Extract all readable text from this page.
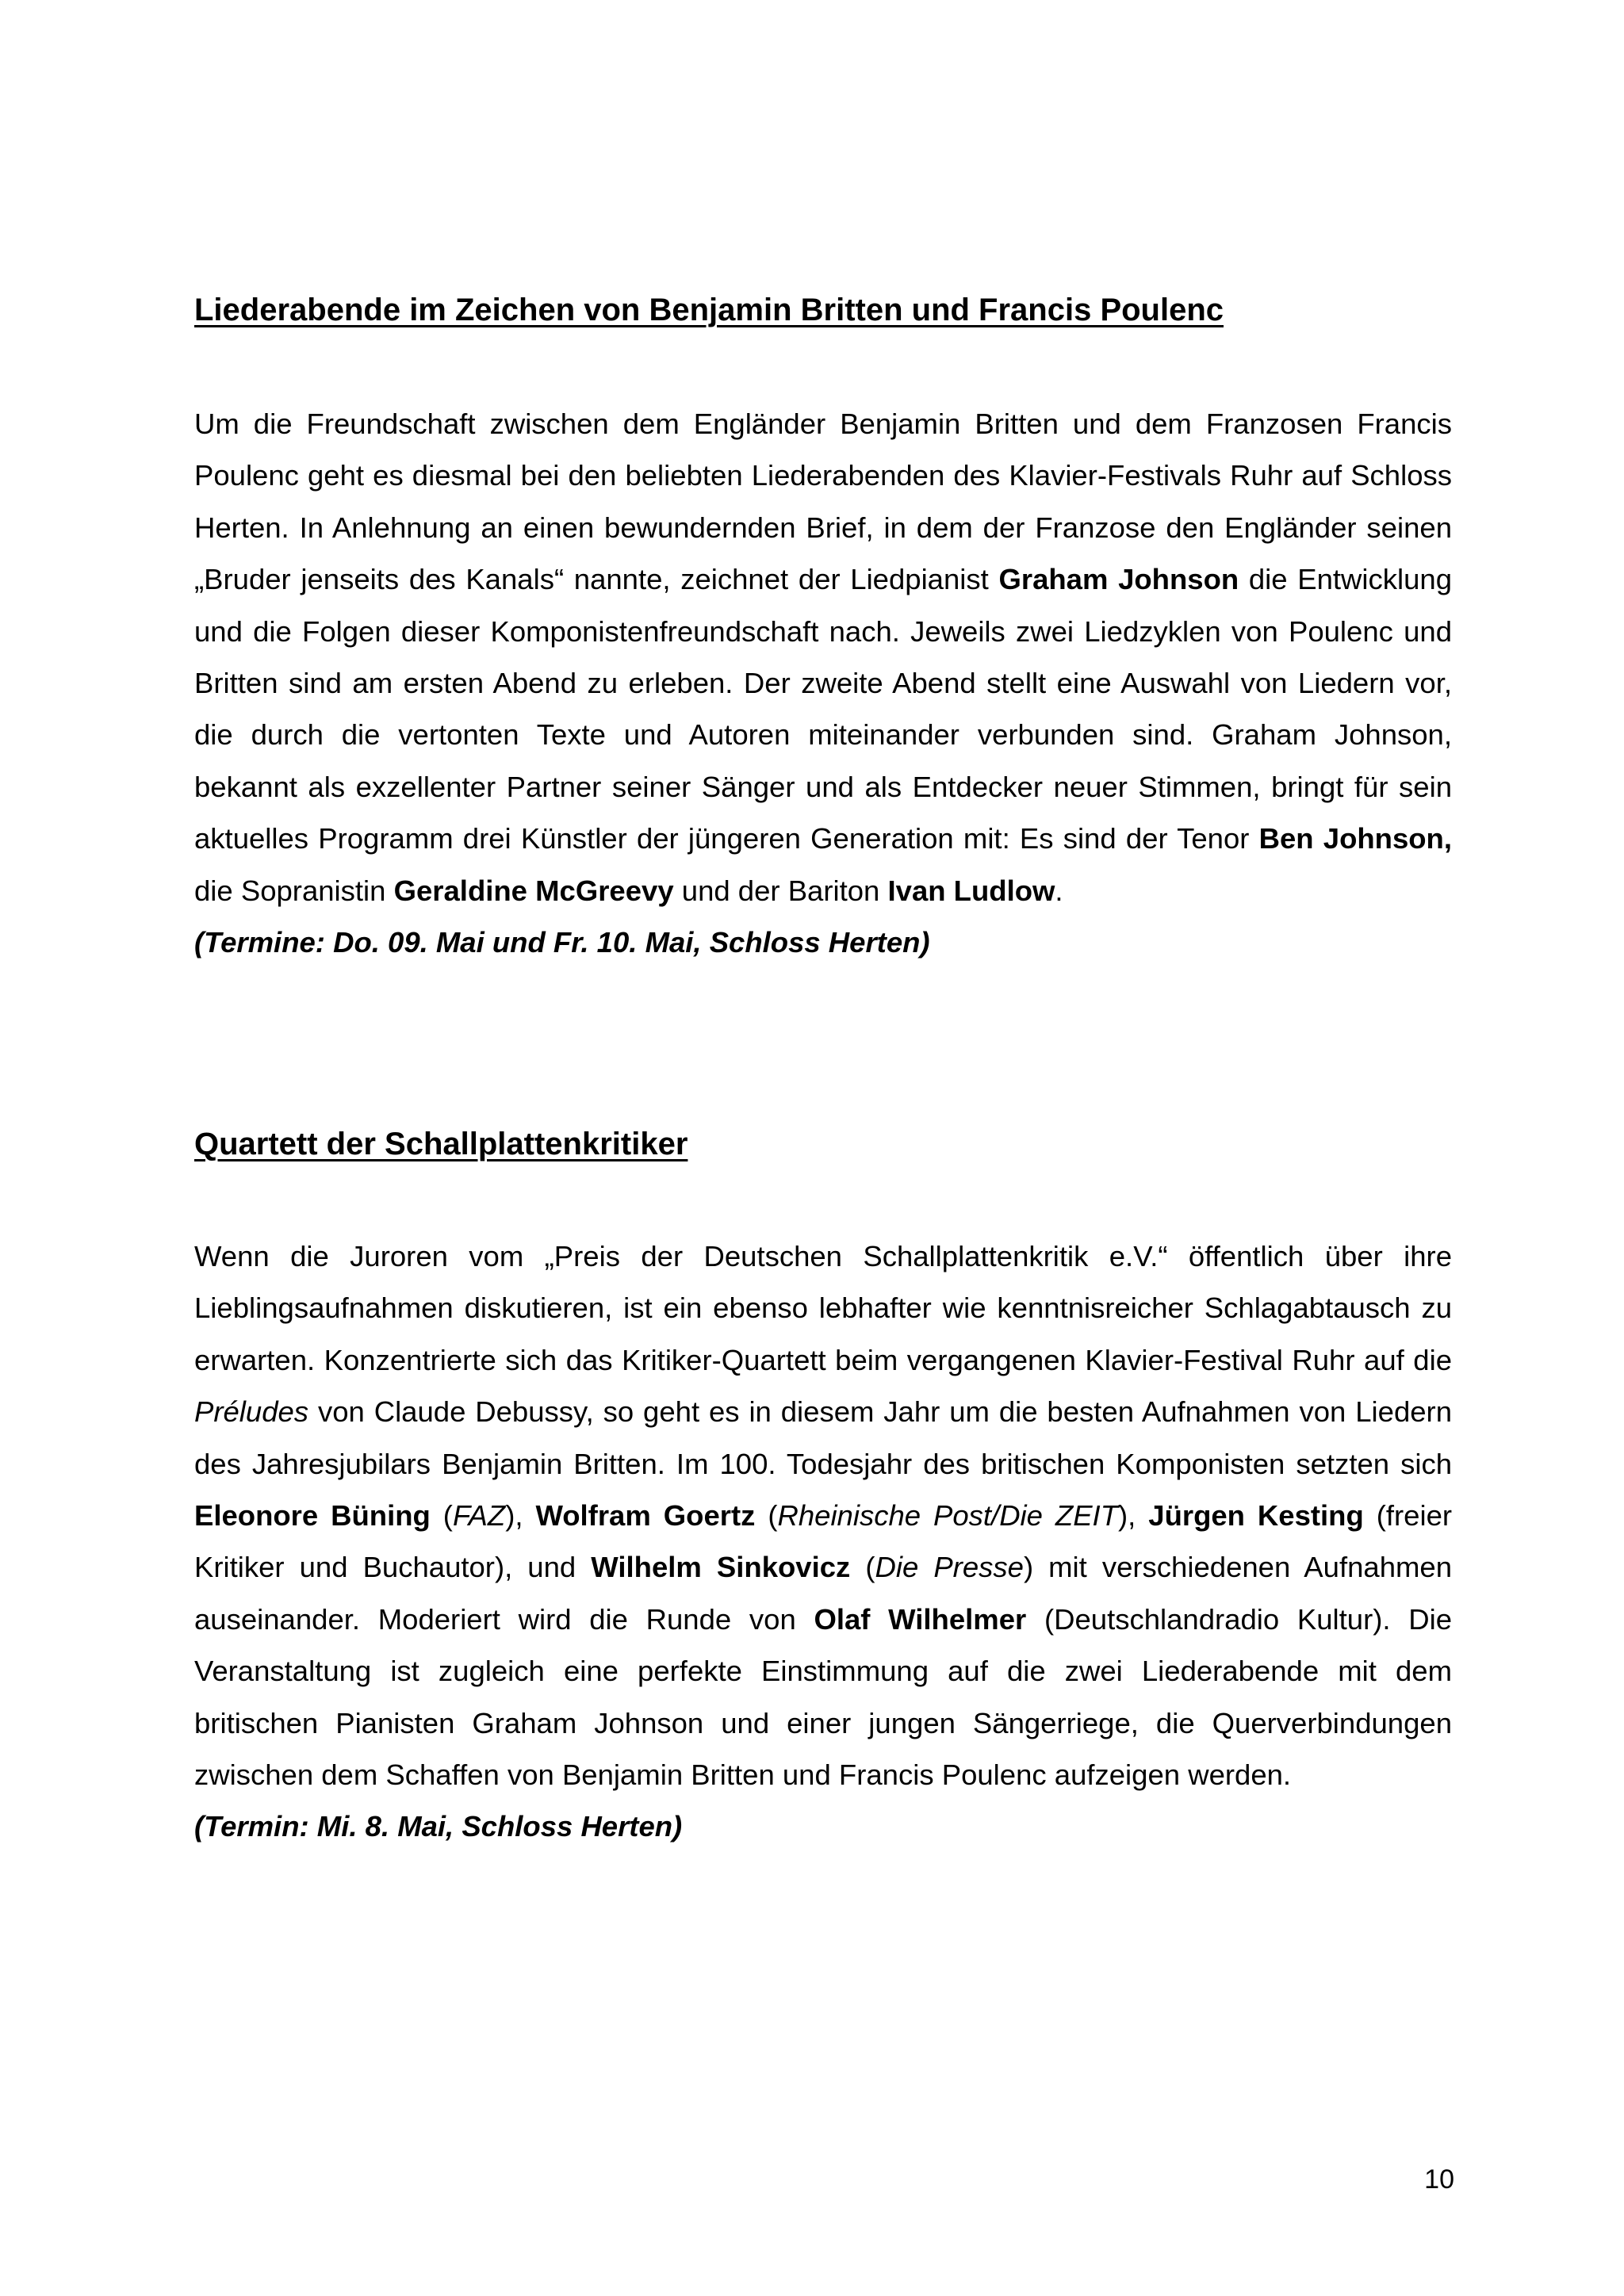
Liederabende im Zeichen von Benjamin Britten und Francis Poulenc

Um die Freundschaft zwischen dem Engländer Benjamin Britten und dem Franzosen Francis Poulenc geht es diesmal bei den beliebten Liederabenden des Klavier-Festivals Ruhr auf Schloss Herten. In Anlehnung an einen bewundernden Brief, in dem der Franzose den Engländer seinen „Bruder jenseits des Kanals“ nannte, zeichnet der Liedpianist Graham Johnson die Entwicklung und die Folgen dieser Komponistenfreundschaft nach. Jeweils zwei Liedzyklen von Poulenc und Britten sind am ersten Abend zu erleben. Der zweite Abend stellt eine Auswahl von Liedern vor, die durch die vertonten Texte und Autoren miteinander verbunden sind. Graham Johnson, bekannt als exzellenter Partner seiner Sänger und als Entdecker neuer Stimmen, bringt für sein aktuelles Programm drei Künstler der jüngeren Generation mit: Es sind der Tenor Ben Johnson, die Sopranistin Geraldine McGreevy und der Bariton Ivan Ludlow.

(Termine: Do. 09. Mai und Fr. 10. Mai, Schloss Herten)

Quartett der Schallplattenkritiker

Wenn die Juroren vom „Preis der Deutschen Schallplattenkritik e.V.“ öffentlich über ihre Lieblingsaufnahmen diskutieren, ist ein ebenso lebhafter wie kenntnisreicher Schlagabtausch zu erwarten. Konzentrierte sich das Kritiker-Quartett beim vergangenen Klavier-Festival Ruhr auf die Préludes von Claude Debussy, so geht es in diesem Jahr um die besten Aufnahmen von Liedern des Jahresjubilars Benjamin Britten. Im 100. Todesjahr des britischen Komponisten setzten sich Eleonore Büning (FAZ), Wolfram Goertz (Rheinische Post/Die ZEIT), Jürgen Kesting (freier Kritiker und Buchautor), und Wilhelm Sinkovicz (Die Presse) mit verschiedenen Aufnahmen auseinander. Moderiert wird die Runde von Olaf Wilhelmer (Deutschlandradio Kultur). Die Veranstaltung ist zugleich eine perfekte Einstimmung auf die zwei Liederabende mit dem britischen Pianisten Graham Johnson und einer jungen Sängerriege, die Querverbindungen zwischen dem Schaffen von Benjamin Britten und Francis Poulenc aufzeigen werden.

(Termin: Mi. 8. Mai, Schloss Herten)

10
